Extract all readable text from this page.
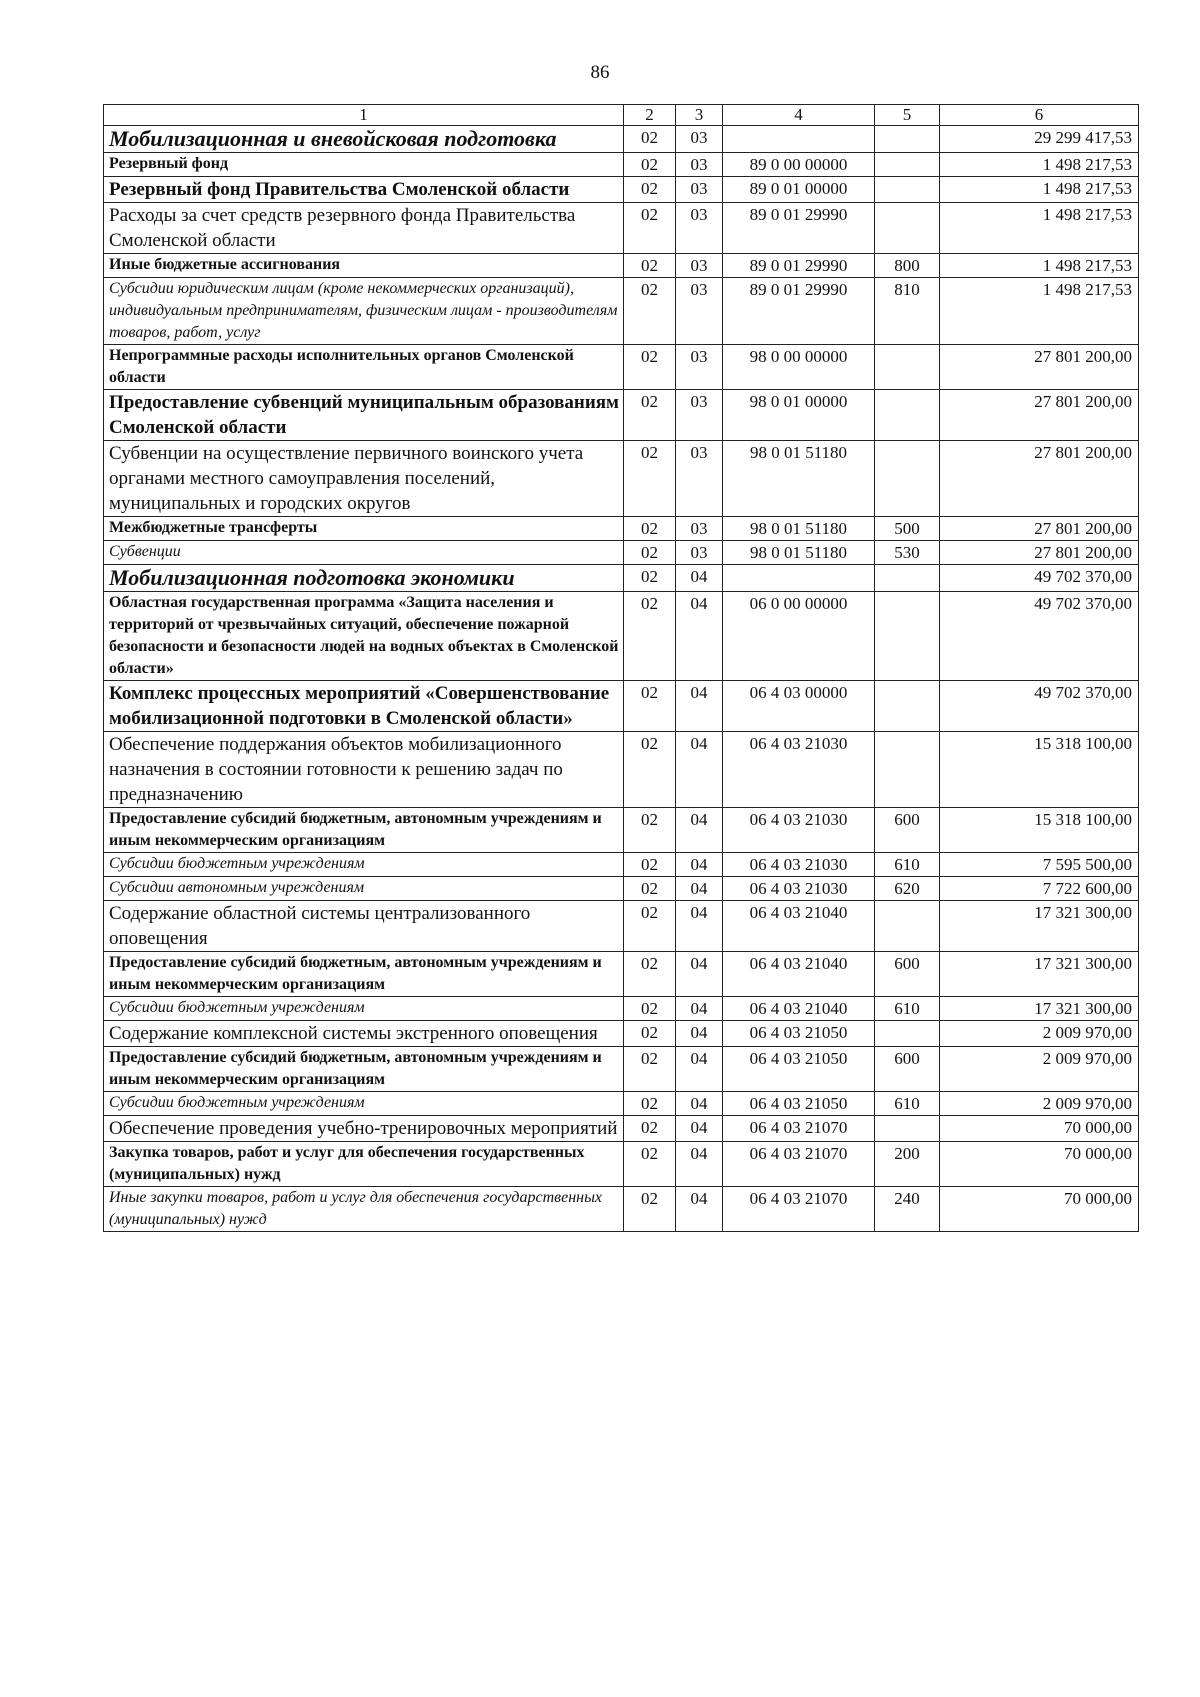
86
1	2	3	4	5	6
Мобилизационная и вневойсковая подготовка	02	03			29 299 417,53
Резервный фонд	02	03	89 0 00 00000		1 498 217,53
Резервный фонд Правительства Смоленской области	02	03	89 0 01 00000		1 498 217,53
Расходы за счет средств резервного фонда Правительства Смоленской области	02	03	89 0 01 29990		1 498 217,53
Иные бюджетные ассигнования	02	03	89 0 01 29990	800	1 498 217,53
Субсидии юридическим лицам (кроме некоммерческих организаций), индивидуальным предпринимателям, физическим лицам - производителям товаров, работ, услуг	02	03	89 0 01 29990	810	1 498 217,53
Непрограммные расходы исполнительных органов Смоленской области	02	03	98 0 00 00000		27 801 200,00
Предоставление субвенций муниципальным образованиям Смоленской области	02	03	98 0 01 00000		27 801 200,00
Субвенции на осуществление первичного воинского учета органами местного самоуправления поселений, муниципальных и городских округов	02	03	98 0 01 51180		27 801 200,00
Межбюджетные трансферты	02	03	98 0 01 51180	500	27 801 200,00
Субвенции	02	03	98 0 01 51180	530	27 801 200,00
Мобилизационная подготовка экономики	02	04			49 702 370,00
Областная государственная программа «Защита населения и территорий от чрезвычайных ситуаций, обеспечение пожарной безопасности и безопасности людей на водных объектах в Смоленской области»	02	04	06 0 00 00000		49 702 370,00
Комплекс процессных мероприятий «Совершенствование мобилизационной подготовки в Смоленской области»	02	04	06 4 03 00000		49 702 370,00
Обеспечение поддержания объектов мобилизационного назначения в состоянии готовности к решению задач по предназначению	02	04	06 4 03 21030		15 318 100,00
Предоставление субсидий бюджетным, автономным учреждениям и иным некоммерческим организациям	02	04	06 4 03 21030	600	15 318 100,00
Субсидии бюджетным учреждениям	02	04	06 4 03 21030	610	7 595 500,00
Субсидии автономным учреждениям	02	04	06 4 03 21030	620	7 722 600,00
Содержание областной системы централизованного оповещения	02	04	06 4 03 21040		17 321 300,00
Предоставление субсидий бюджетным, автономным учреждениям и иным некоммерческим организациям	02	04	06 4 03 21040	600	17 321 300,00
Субсидии бюджетным учреждениям	02	04	06 4 03 21040	610	17 321 300,00
Содержание комплексной системы экстренного оповещения	02	04	06 4 03 21050		2 009 970,00
Предоставление субсидий бюджетным, автономным учреждениям и иным некоммерческим организациям	02	04	06 4 03 21050	600	2 009 970,00
Субсидии бюджетным учреждениям	02	04	06 4 03 21050	610	2 009 970,00
Обеспечение проведения учебно-тренировочных мероприятий	02	04	06 4 03 21070		70 000,00
Закупка товаров, работ и услуг для обеспечения государственных (муниципальных) нужд	02	04	06 4 03 21070	200	70 000,00
Иные закупки товаров, работ и услуг для обеспечения государственных (муниципальных) нужд	02	04	06 4 03 21070	240	70 000,00
